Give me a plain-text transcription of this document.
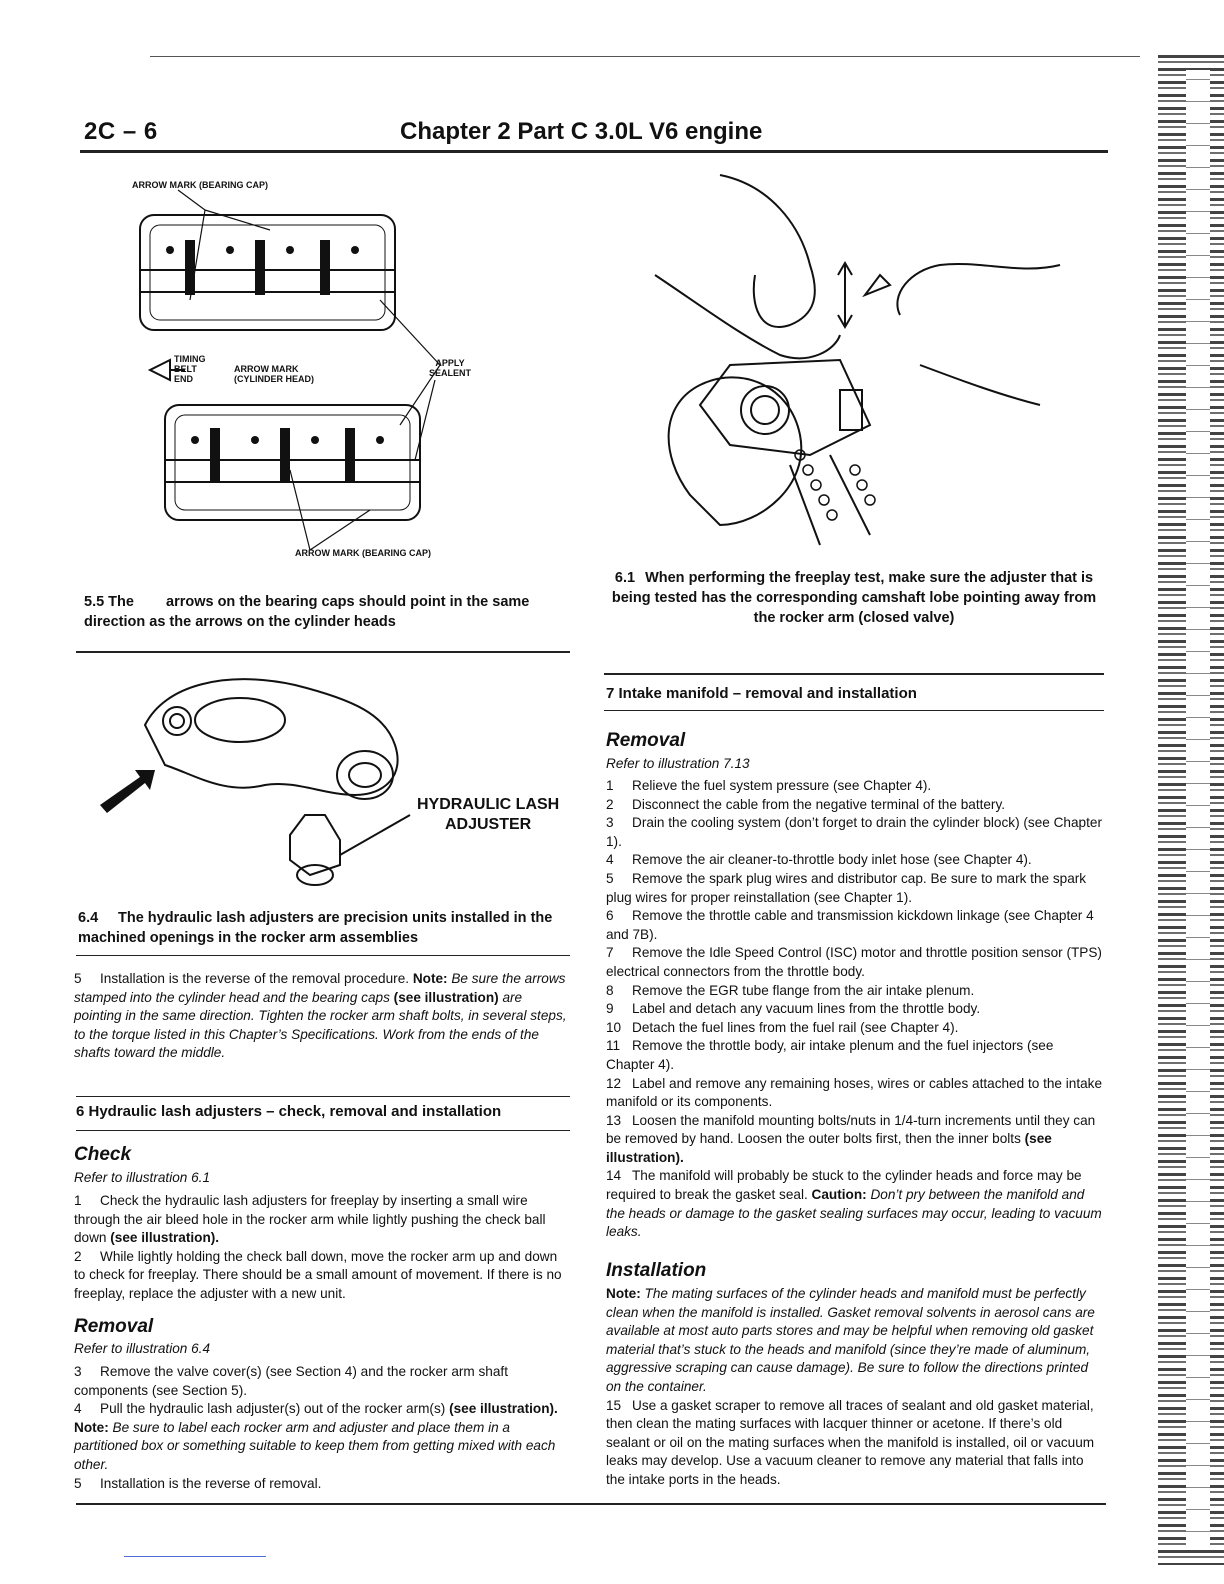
2C – 6	Chapter 2 Part C 3.0L V6 engine
ARROW MARK (BEARING CAP)
TIMING
BELT
END
ARROW MARK
(CYLINDER HEAD)
APPLY
SEALENT
ARROW MARK (BEARING CAP)
5.5 The arrows on the bearing caps should point in the same direction as the arrows on the cylinder heads
6.1 When performing the freeplay test, make sure the adjuster that is being tested has the corresponding camshaft lobe pointing away from the rocker arm (closed valve)
HYDRAULIC LASH
ADJUSTER
6.4 The hydraulic lash adjusters are precision units installed in the machined openings in the rocker arm assemblies

5 Installation is the reverse of the removal procedure. Note: Be sure the arrows stamped into the cylinder head and the bearing caps (see illustration) are pointing in the same direction. Tighten the rocker arm shaft bolts, in several steps, to the torque listed in this Chapter’s Specifications. Work from the ends of the shafts toward the middle.

6 Hydraulic lash adjusters – check, removal and installation
Check
Refer to illustration 6.1

1 Check the hydraulic lash adjusters for freeplay by inserting a small wire through the air bleed hole in the rocker arm while lightly pushing the check ball down (see illustration).

2 While lightly holding the check ball down, move the rocker arm up and down to check for freeplay. There should be a small amount of movement. If there is no freeplay, replace the adjuster with a new unit.

Removal
Refer to illustration 6.4

3 Remove the valve cover(s) (see Section 4) and the rocker arm shaft components (see Section 5).

4 Pull the hydraulic lash adjuster(s) out of the rocker arm(s) (see illustration). Note: Be sure to label each rocker arm and adjuster and place them in a partitioned box or something suitable to keep them from getting mixed with each other.

5 Installation is the reverse of removal.

7 Intake manifold – removal and installation
Removal
Refer to illustration 7.13

1 Relieve the fuel system pressure (see Chapter 4).

2 Disconnect the cable from the negative terminal of the battery.

3 Drain the cooling system (don’t forget to drain the cylinder block) (see Chapter 1).

4 Remove the air cleaner-to-throttle body inlet hose (see Chapter 4).

5 Remove the spark plug wires and distributor cap. Be sure to mark the spark plug wires for proper reinstallation (see Chapter 1).

6 Remove the throttle cable and transmission kickdown linkage (see Chapter 4 and 7B).

7 Remove the Idle Speed Control (ISC) motor and throttle position sensor (TPS) electrical connectors from the throttle body.

8 Remove the EGR tube flange from the air intake plenum.

9 Label and detach any vacuum lines from the throttle body.

10 Detach the fuel lines from the fuel rail (see Chapter 4).

11 Remove the throttle body, air intake plenum and the fuel injectors (see Chapter 4).

12 Label and remove any remaining hoses, wires or cables attached to the intake manifold or its components.

13 Loosen the manifold mounting bolts/nuts in 1/4-turn increments until they can be removed by hand. Loosen the outer bolts first, then the inner bolts (see illustration).

14 The manifold will probably be stuck to the cylinder heads and force may be required to break the gasket seal. Caution: Don’t pry between the manifold and the heads or damage to the gasket sealing surfaces may occur, leading to vacuum leaks.

Installation

Note: The mating surfaces of the cylinder heads and manifold must be perfectly clean when the manifold is installed. Gasket removal solvents in aerosol cans are available at most auto parts stores and may be helpful when removing old gasket material that’s stuck to the heads and manifold (since they’re made of aluminum, aggressive scraping can cause damage). Be sure to follow the directions printed on the container.

15 Use a gasket scraper to remove all traces of sealant and old gasket material, then clean the mating surfaces with lacquer thinner or acetone. If there’s old sealant or oil on the mating surfaces when the manifold is installed, oil or vacuum leaks may develop. Use a vacuum cleaner to remove any material that falls into the intake ports in the heads.
